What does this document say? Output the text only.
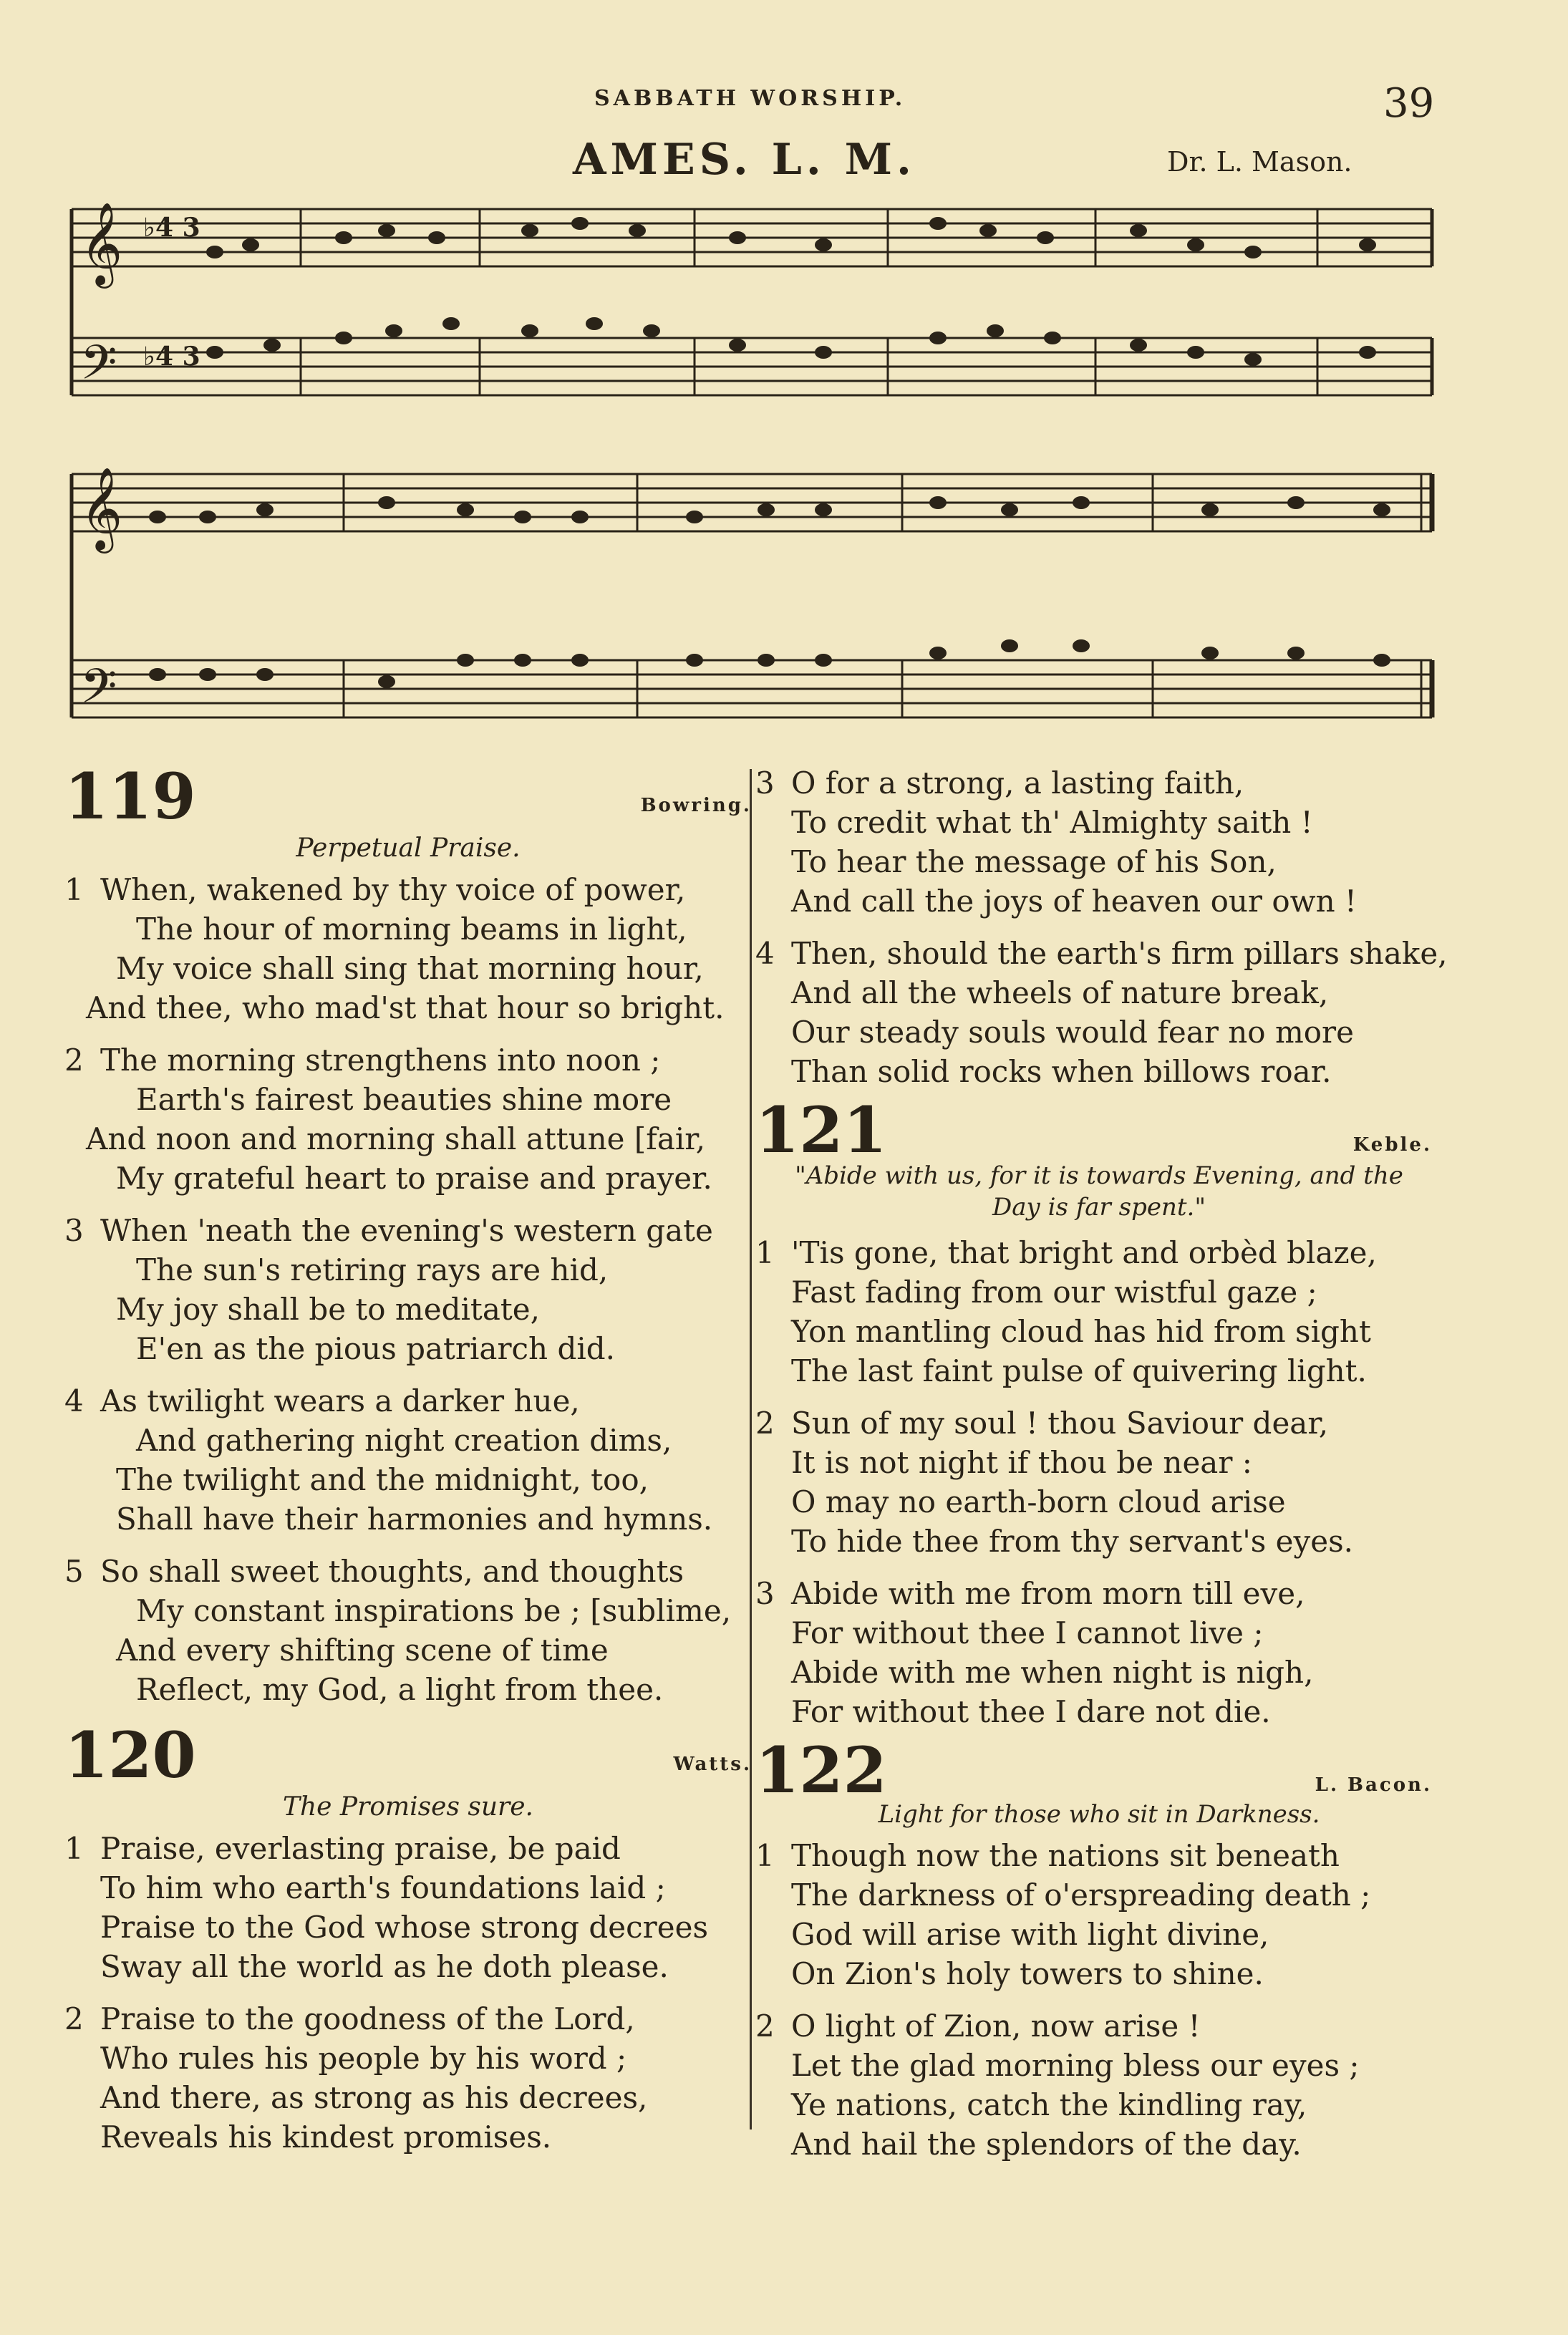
SABBATH WORSHIP.	39
AMES. L. M.	Dr. L. Mason.
𝄞
𝄢
♭4 3
♭4 3
𝄞
𝄢
119	Bowring.
Perpetual Praise.
1 When, wakened by thy voice of power,
The hour of morning beams in light,
My voice shall sing that morning hour,
And thee, who mad'st that hour so bright.
2 The morning strengthens into noon ;
Earth's fairest beauties shine more
And noon and morning shall attune [fair,
My grateful heart to praise and prayer.
3 When 'neath the evening's western gate
The sun's retiring rays are hid,
My joy shall be to meditate,
E'en as the pious patriarch did.
4 As twilight wears a darker hue,
And gathering night creation dims,
The twilight and the midnight, too,
Shall have their harmonies and hymns.
5 So shall sweet thoughts, and thoughts
My constant inspirations be ; [sublime,
And every shifting scene of time
Reflect, my God, a light from thee.
120	Watts.
The Promises sure.
1 Praise, everlasting praise, be paid
To him who earth's foundations laid ;
Praise to the God whose strong decrees
Sway all the world as he doth please.
2 Praise to the goodness of the Lord,
Who rules his people by his word ;
And there, as strong as his decrees,
Reveals his kindest promises.
3 O for a strong, a lasting faith,
To credit what th' Almighty saith !
To hear the message of his Son,
And call the joys of heaven our own !
4 Then, should the earth's firm pillars shake,
And all the wheels of nature break,
Our steady souls would fear no more
Than solid rocks when billows roar.
121	Keble.
"Abide with us, for it is towards Evening, and the
Day is far spent."
1 'Tis gone, that bright and orbèd blaze,
Fast fading from our wistful gaze ;
Yon mantling cloud has hid from sight
The last faint pulse of quivering light.
2 Sun of my soul ! thou Saviour dear,
It is not night if thou be near :
O may no earth-born cloud arise
To hide thee from thy servant's eyes.
3 Abide with me from morn till eve,
For without thee I cannot live ;
Abide with me when night is nigh,
For without thee I dare not die.
122	L. Bacon.
Light for those who sit in Darkness.
1 Though now the nations sit beneath
The darkness of o'erspreading death ;
God will arise with light divine,
On Zion's holy towers to shine.
2 O light of Zion, now arise !
Let the glad morning bless our eyes ;
Ye nations, catch the kindling ray,
And hail the splendors of the day.
